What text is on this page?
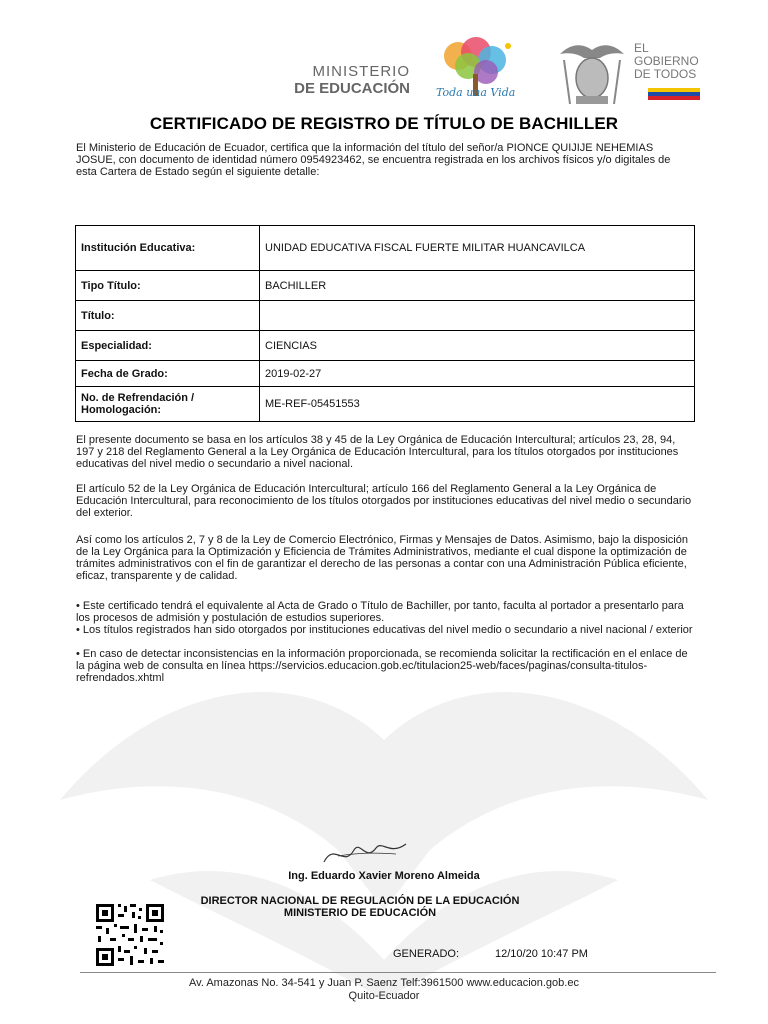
MINISTERIO
DE EDUCACIÓN Toda una Vida
EL
GOBIERNO
DE TODOS
CERTIFICADO DE REGISTRO DE TÍTULO DE BACHILLER

El Ministerio de Educación de Ecuador, certifica que la información del título del señor/a PIONCE QUIJIJE NEHEMIAS JOSUE, con documento de identidad número 0954923462, se encuentra registrada en los archivos físicos y/o digitales de esta Cartera de Estado según el siguiente detalle:

Institución Educativa:	UNIDAD EDUCATIVA FISCAL FUERTE MILITAR HUANCAVILCA
Tipo Título:	BACHILLER
Título:	
Especialidad:	CIENCIAS
Fecha de Grado:	2019-02-27

No. de Refrendación /
Homologación:	ME-REF-05451553

El presente documento se basa en los artículos 38 y 45 de la Ley Orgánica de Educación Intercultural; artículos 23, 28, 94, 197 y 218 del Reglamento General a la Ley Orgánica de Educación Intercultural, para los títulos otorgados por instituciones educativas del nivel medio o secundario a nivel nacional.

El artículo 52 de la Ley Orgánica de Educación Intercultural; artículo 166 del Reglamento General a la Ley Orgánica de Educación Intercultural, para reconocimiento de los títulos otorgados por instituciones educativas del nivel medio o secundario del exterior.

Así como los artículos 2, 7 y 8 de la Ley de Comercio Electrónico, Firmas y Mensajes de Datos. Asimismo, bajo la disposición de la Ley Orgánica para la Optimización y Eficiencia de Trámites Administrativos, mediante el cual dispone la optimización de trámites administrativos con el fin de garantizar el derecho de las personas a contar con una Administración Pública eficiente, eficaz, transparente y de calidad.

• Este certificado tendrá el equivalente al Acta de Grado o Título de Bachiller, por tanto, faculta al portador a presentarlo para los procesos de admisión y postulación de estudios superiores.

• Los títulos registrados han sido otorgados por instituciones educativas del nivel medio o secundario a nivel nacional / exterior

• En caso de detectar inconsistencias en la información proporcionada, se recomienda solicitar la rectificación en el enlace de la página web de consulta en línea https://servicios.educacion.gob.ec/titulacion25-web/faces/paginas/consulta-titulos-refrendados.xhtml

Ing. Eduardo Xavier Moreno Almeida
DIRECTOR NACIONAL DE REGULACIÓN DE LA EDUCACIÓN
MINISTERIO DE EDUCACIÓN
GENERADO:	12/10/20 10:47 PM
Av. Amazonas No. 34-541 y Juan P. Saenz Telf:3961500 www.educacion.gob.ec
Quito-Ecuador
